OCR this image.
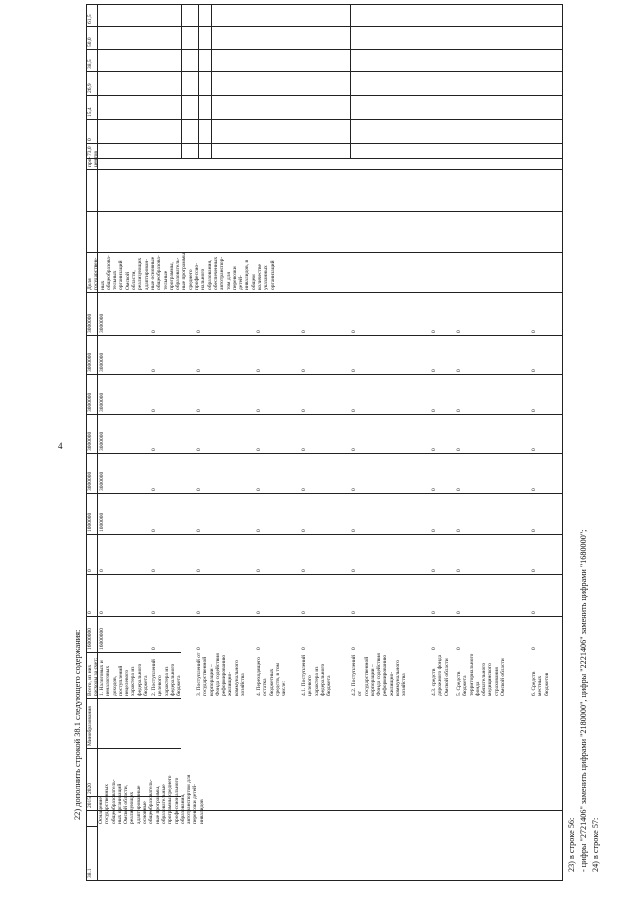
4
22) дополнить строкой 38.1 следующего содержания:
38.1
Оснащение
государственных
общеобразователь-
ных организаций
Омской области,
реализующих
адаптированные
основные
общеобразователь-
ные программы,
образовательные
программы среднего
профессионального
образования,
автотранспортом для
перевозки детей-
инвалидов
2015
2020
Минобразования
Всего, из них
расходы за счет:
16000000
0
0
1000000
3000000
3000000
3000000
3000000
3000000
1. Налоговых и
неналоговых
доходов,
поступлений
нецелевого
характера из
федерального
бюджета
16000000
0
0
1000000
3000000
3000000
3000000
3000000
3000000
2. Поступлений
целевого
характера из
федерального
бюджета
0
0
0
0
0
0
0
0
0
3. Поступлений от
государственной
корпорации –
Фонда содействия
реформированию
жилищно-
коммунального
хозяйства
0
0
0
0
0
0
0
0
0
4. Переходящего
остатка
бюджетных
средств, в том
числе:
0
0
0
0
0
0
0
0
0
4.1. Поступлений
целевого
характера из
федерального
бюджета
0
0
0
0
0
0
0
0
0
4.2. Поступлений
от
государственной
корпорации –
Фонда содействия
реформированию
жилищно-
коммунального
хозяйства
0
0
0
0
0
0
0
0
0
4.3. средств
дорожного фонда
Омской области
0
0
0
0
0
0
0
0
0
5. Средств
бюджета
территориального
фонда
обязательного
медицинского
страхования
Омской области
0
0
0
0
0
0
0
0
0
6. Средств
местных
бюджетов
0
0
0
0
0
0
0
0
0
Доля
государствен-
ных
общеобразова-
тельных
организаций
Омской
области,
реализующих
адаптирован-
ные основные
общеобразова-
тельные
программы,
образователь-
ные программы
среднего
профессио-
нального
образования,
обеспеченных
автотранспор-
том для
перевозки
детей-
инвалидов, в
общем
количестве
указанных
организаций
про-
центов
73,0
0
15,4
26,9
38,5
50,0
61,5
23) в строке 56: - цифры "2721406" заменить цифрами "2180000", цифры "2221406" заменить цифрами "1680000"; 24) в строке 57:
